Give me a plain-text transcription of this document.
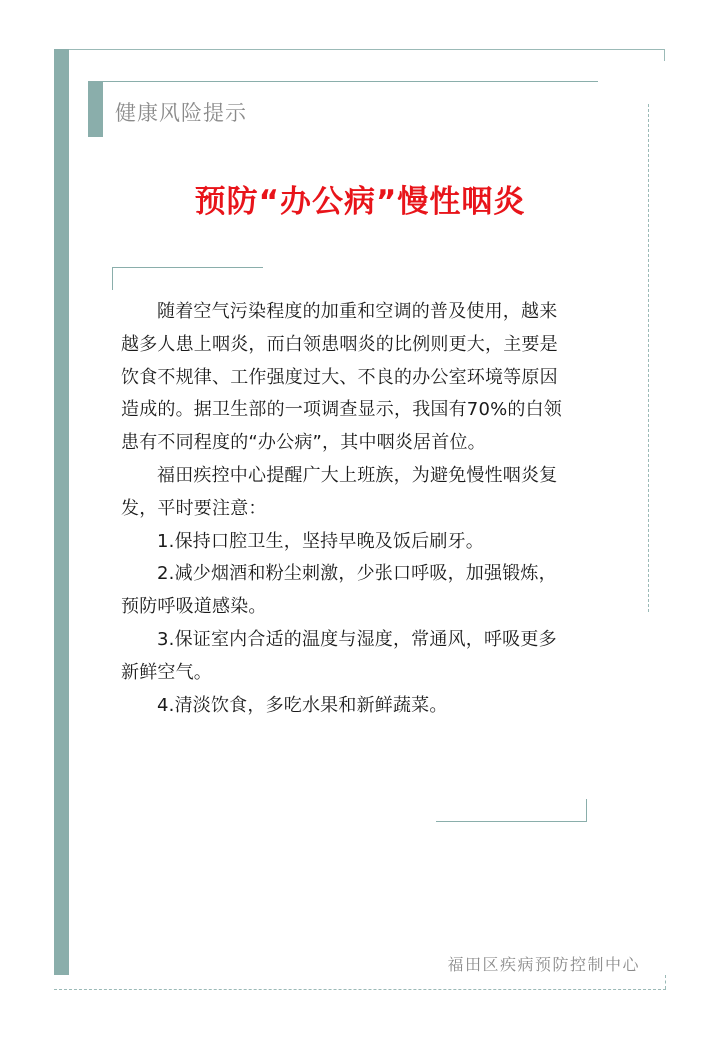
健康风险提示
预防“办公病”慢性咽炎

随着空气污染程度的加重和空调的普及使用，越来越多人患上咽炎，而白领患咽炎的比例则更大，主要是饮食不规律、工作强度过大、不良的办公室环境等原因造成的。据卫生部的一项调查显示，我国有70%的白领患有不同程度的“办公病”，其中咽炎居首位。

福田疾控中心提醒广大上班族，为避免慢性咽炎复发，平时要注意：

1.保持口腔卫生，坚持早晚及饭后刷牙。

2.减少烟酒和粉尘刺激，少张口呼吸，加强锻炼，预防呼吸道感染。

3.保证室内合适的温度与湿度，常通风，呼吸更多新鲜空气。

4.清淡饮食，多吃水果和新鲜蔬菜。

福田区疾病预防控制中心
